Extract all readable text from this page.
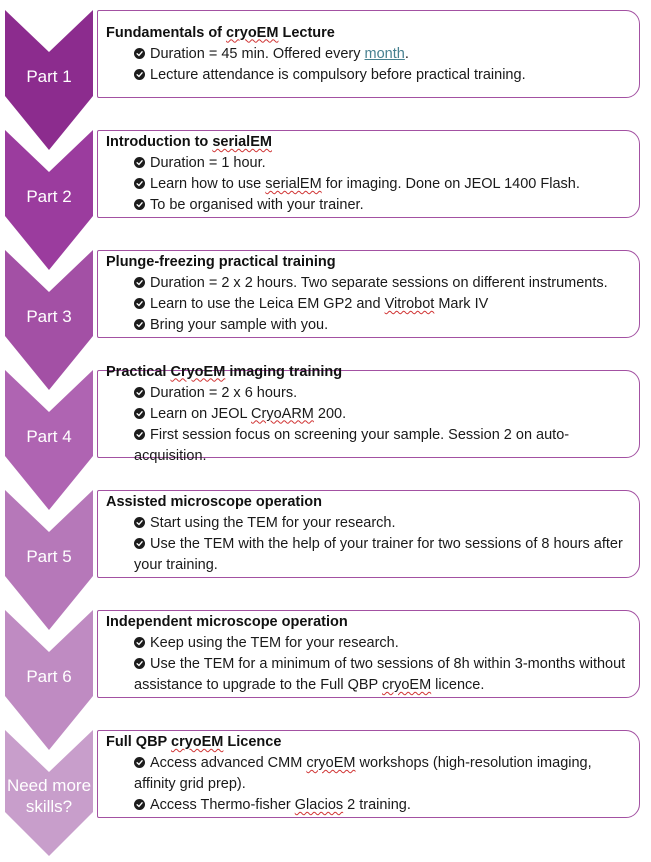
Part 1
Fundamentals of cryoEM Lecture
Duration = 45 min. Offered every month.
Lecture attendance is compulsory before practical training.
Part 2
Introduction to serialEM
Duration = 1 hour.
Learn how to use serialEM for imaging. Done on JEOL 1400 Flash.
To be organised with your trainer.
Part 3
Plunge-freezing practical training
Duration = 2 x 2 hours. Two separate sessions on different instruments.
Learn to use the Leica EM GP2 and Vitrobot Mark IV
Bring your sample with you.
Part 4
Practical CryoEM imaging training
Duration = 2 x 6 hours.
Learn on JEOL CryoARM 200.
First session focus on screening your sample. Session 2 on auto-acquisition.
Part 5
Assisted microscope operation
Start using the TEM for your research.
Use the TEM with the help of your trainer for two sessions of 8 hours after your training.
Part 6
Independent microscope operation
Keep using the TEM for your research.
Use the TEM for a minimum of two sessions of 8h within 3-months without assistance to upgrade to the Full QBP cryoEM licence.
Need more skills?
Full QBP cryoEM Licence
Access advanced CMM cryoEM workshops (high-resolution imaging, affinity grid prep).
Access Thermo-fisher Glacios 2 training.
